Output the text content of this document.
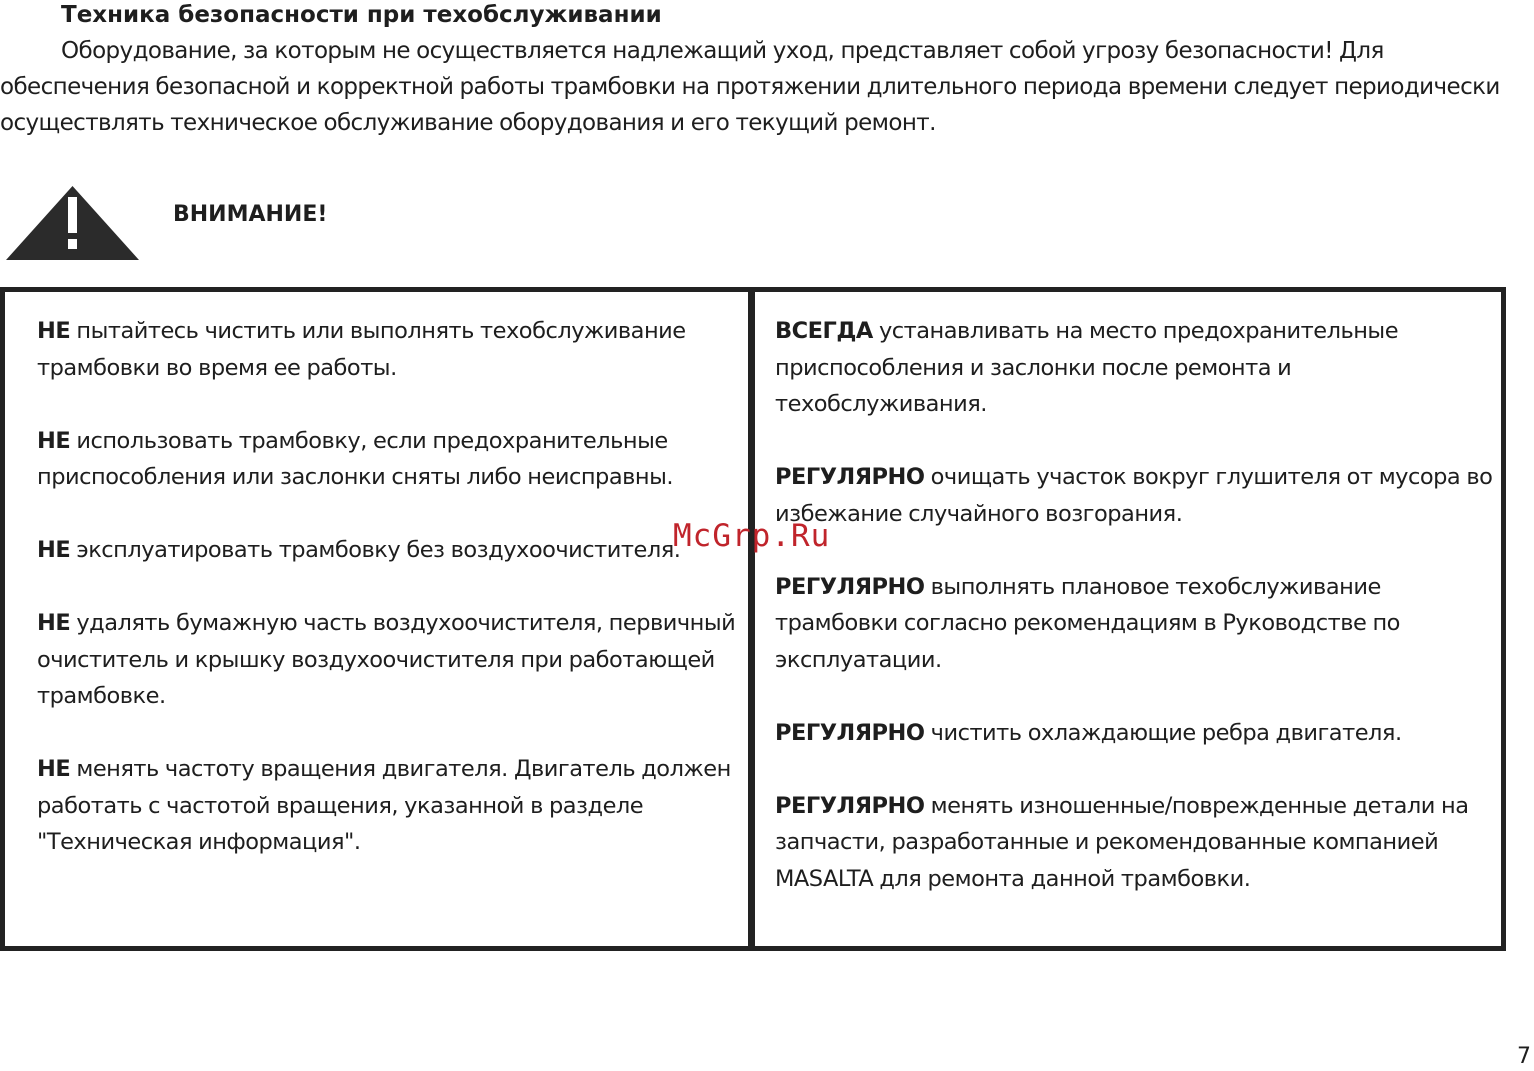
Техника безопасности при техобслуживании
Оборудование, за которым не осуществляется надлежащий уход, представляет собой угрозу безопасности! Для обеспечения безопасной и корректной работы трамбовки на протяжении длительного периода времени следует периодически осуществлять техническое обслуживание оборудования и его текущий ремонт.
ВНИМАНИЕ!

НЕ пытайтесь чистить или выполнять техобслуживание трамбовки во время ее работы.

НЕ использовать трамбовку, если предохранительные приспособления или заслонки сняты либо неисправны.

НЕ эксплуатировать трамбовку без воздухоочистителя.

НЕ удалять бумажную часть воздухоочистителя, первичный очиститель и крышку воздухоочистителя при работающей трамбовке.

НЕ менять частоту вращения двигателя. Двигатель должен работать с частотой вращения, указанной в разделе "Техническая информация".

ВСЕГДА устанавливать на место предохранительные приспособления и заслонки после ремонта и техобслуживания.

РЕГУЛЯРНО очищать участок вокруг глушителя от мусора во избежание случайного возгорания.

РЕГУЛЯРНО выполнять плановое техобслуживание трамбовки согласно рекомендациям в Руководстве по эксплуатации.

РЕГУЛЯРНО чистить охлаждающие ребра двигателя.

РЕГУЛЯРНО менять изношенные/поврежденные детали на запчасти, разработанные и рекомендованные компанией MASALTA для ремонта данной трамбовки.

McGrp.Ru
7
